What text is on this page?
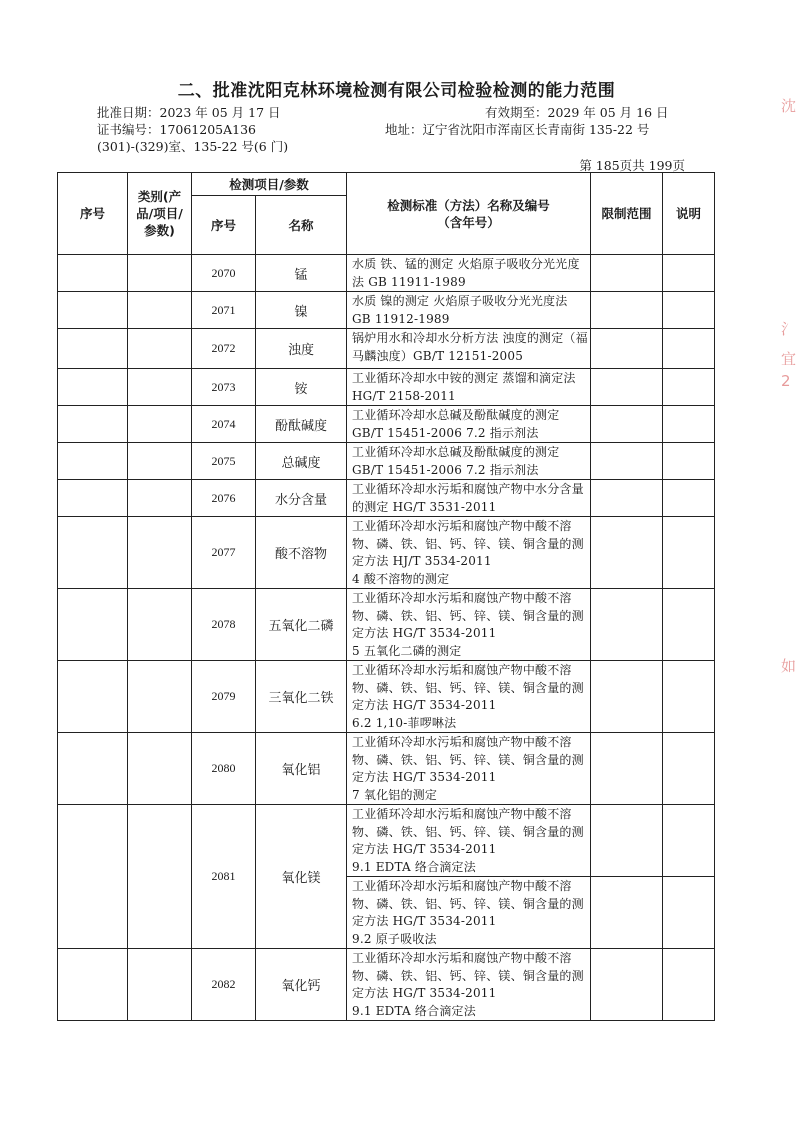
二、批准沈阳克林环境检测有限公司检验检测的能力范围
批准日期：2023 年 05 月 17 日	有效期至：2029 年 05 月 16 日
证书编号：17061205A136	地址：辽宁省沈阳市浑南区长青南街 135-22 号
(301)-(329)室、135-22 号(6 门)
第 185页共 199页
沈
氵
宜
2
如
序号	类别(产品/项目/参数)	检测项目/参数		检测标准（方法）名称及编号（含年号）	限制范围	说明
		序号	名称			
		2070	锰	水质 铁、锰的测定 火焰原子吸收分光光度法 GB 11911-1989		
		2071	镍	水质 镍的测定 火焰原子吸收分光光度法 GB 11912-1989		
		2072	浊度	锅炉用水和冷却水分析方法 浊度的测定（福马麟浊度）GB/T 12151-2005		
		2073	铵	工业循环冷却水中铵的测定 蒸馏和滴定法 HG/T 2158-2011		
		2074	酚酞碱度	工业循环冷却水总碱及酚酞碱度的测定 GB/T 15451-2006 7.2 指示剂法		
		2075	总碱度	工业循环冷却水总碱及酚酞碱度的测定 GB/T 15451-2006 7.2 指示剂法		
		2076	水分含量	工业循环冷却水污垢和腐蚀产物中水分含量的测定 HG/T 3531-2011		
		2077	酸不溶物	工业循环冷却水污垢和腐蚀产物中酸不溶物、磷、铁、铝、钙、锌、镁、铜含量的测定方法 HJ/T 3534-2011
4 酸不溶物的测定		
		2078	五氧化二磷	工业循环冷却水污垢和腐蚀产物中酸不溶物、磷、铁、铝、钙、锌、镁、铜含量的测定方法 HG/T 3534-2011
5 五氧化二磷的测定		
		2079	三氧化二铁	工业循环冷却水污垢和腐蚀产物中酸不溶物、磷、铁、铝、钙、锌、镁、铜含量的测定方法 HG/T 3534-2011
6.2 1,10-菲啰啉法		
		2080	氧化铝	工业循环冷却水污垢和腐蚀产物中酸不溶物、磷、铁、铝、钙、锌、镁、铜含量的测定方法 HG/T 3534-2011
7 氧化铝的测定		
		2081	氧化镁	工业循环冷却水污垢和腐蚀产物中酸不溶物、磷、铁、铝、钙、锌、镁、铜含量的测定方法 HG/T 3534-2011
9.1 EDTA 络合滴定法		
				工业循环冷却水污垢和腐蚀产物中酸不溶物、磷、铁、铝、钙、锌、镁、铜含量的测定方法 HG/T 3534-2011
9.2 原子吸收法		
		2082	氧化钙	工业循环冷却水污垢和腐蚀产物中酸不溶物、磷、铁、铝、钙、锌、镁、铜含量的测定方法 HG/T 3534-2011
9.1 EDTA 络合滴定法		
